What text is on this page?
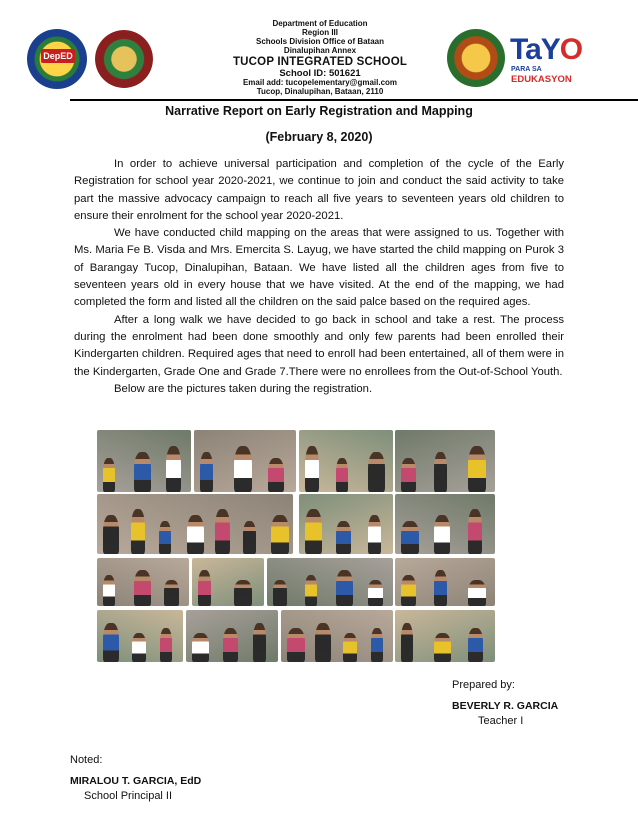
DepED
Department of Education
Region III
Schools Division Office of Bataan
Dinalupihan Annex
TUCOP INTEGRATED SCHOOL
School ID: 501621
Email add: tucopelementary@gmail.com
Tucop, Dinalupihan, Bataan, 2110
TaYO
PARA SA
EDUKASYON
Narrative Report on Early Registration and Mapping
(February 8, 2020)

In order to achieve universal participation and completion of the cycle of the Early Registration for school year 2020-2021, we continue to join and conduct the said activity to take part the massive advocacy campaign to reach all five years to seventeen years old children to ensure their enrolment for the school year 2020-2021.

We have conducted child mapping on the areas that were assigned to us. Together with Ms. Maria Fe B. Visda and Mrs. Emercita S. Layug, we have started the child mapping on Purok 3 of Barangay Tucop, Dinalupihan, Bataan. We have listed all the children ages from five to seventeen years old in every house that we have visited. At the end of the mapping, we had completed the form and listed all the children on the said palce based on the required ages.

After a long walk we have decided to go back in school and take a rest. The process during the enrolment had been done smoothly and only few parents had been enrolled their Kindergarten children. Required ages that need to enroll had been entertained, all of them were in the Kindergarten, Grade One and Grade 7.There were no enrollees from the Out-of-School Youth.

Below are the pictures taken during the registration.

Prepared by:
BEVERLY R. GARCIA
Teacher I
Noted:
MIRALOU T. GARCIA, EdD
School Principal II
